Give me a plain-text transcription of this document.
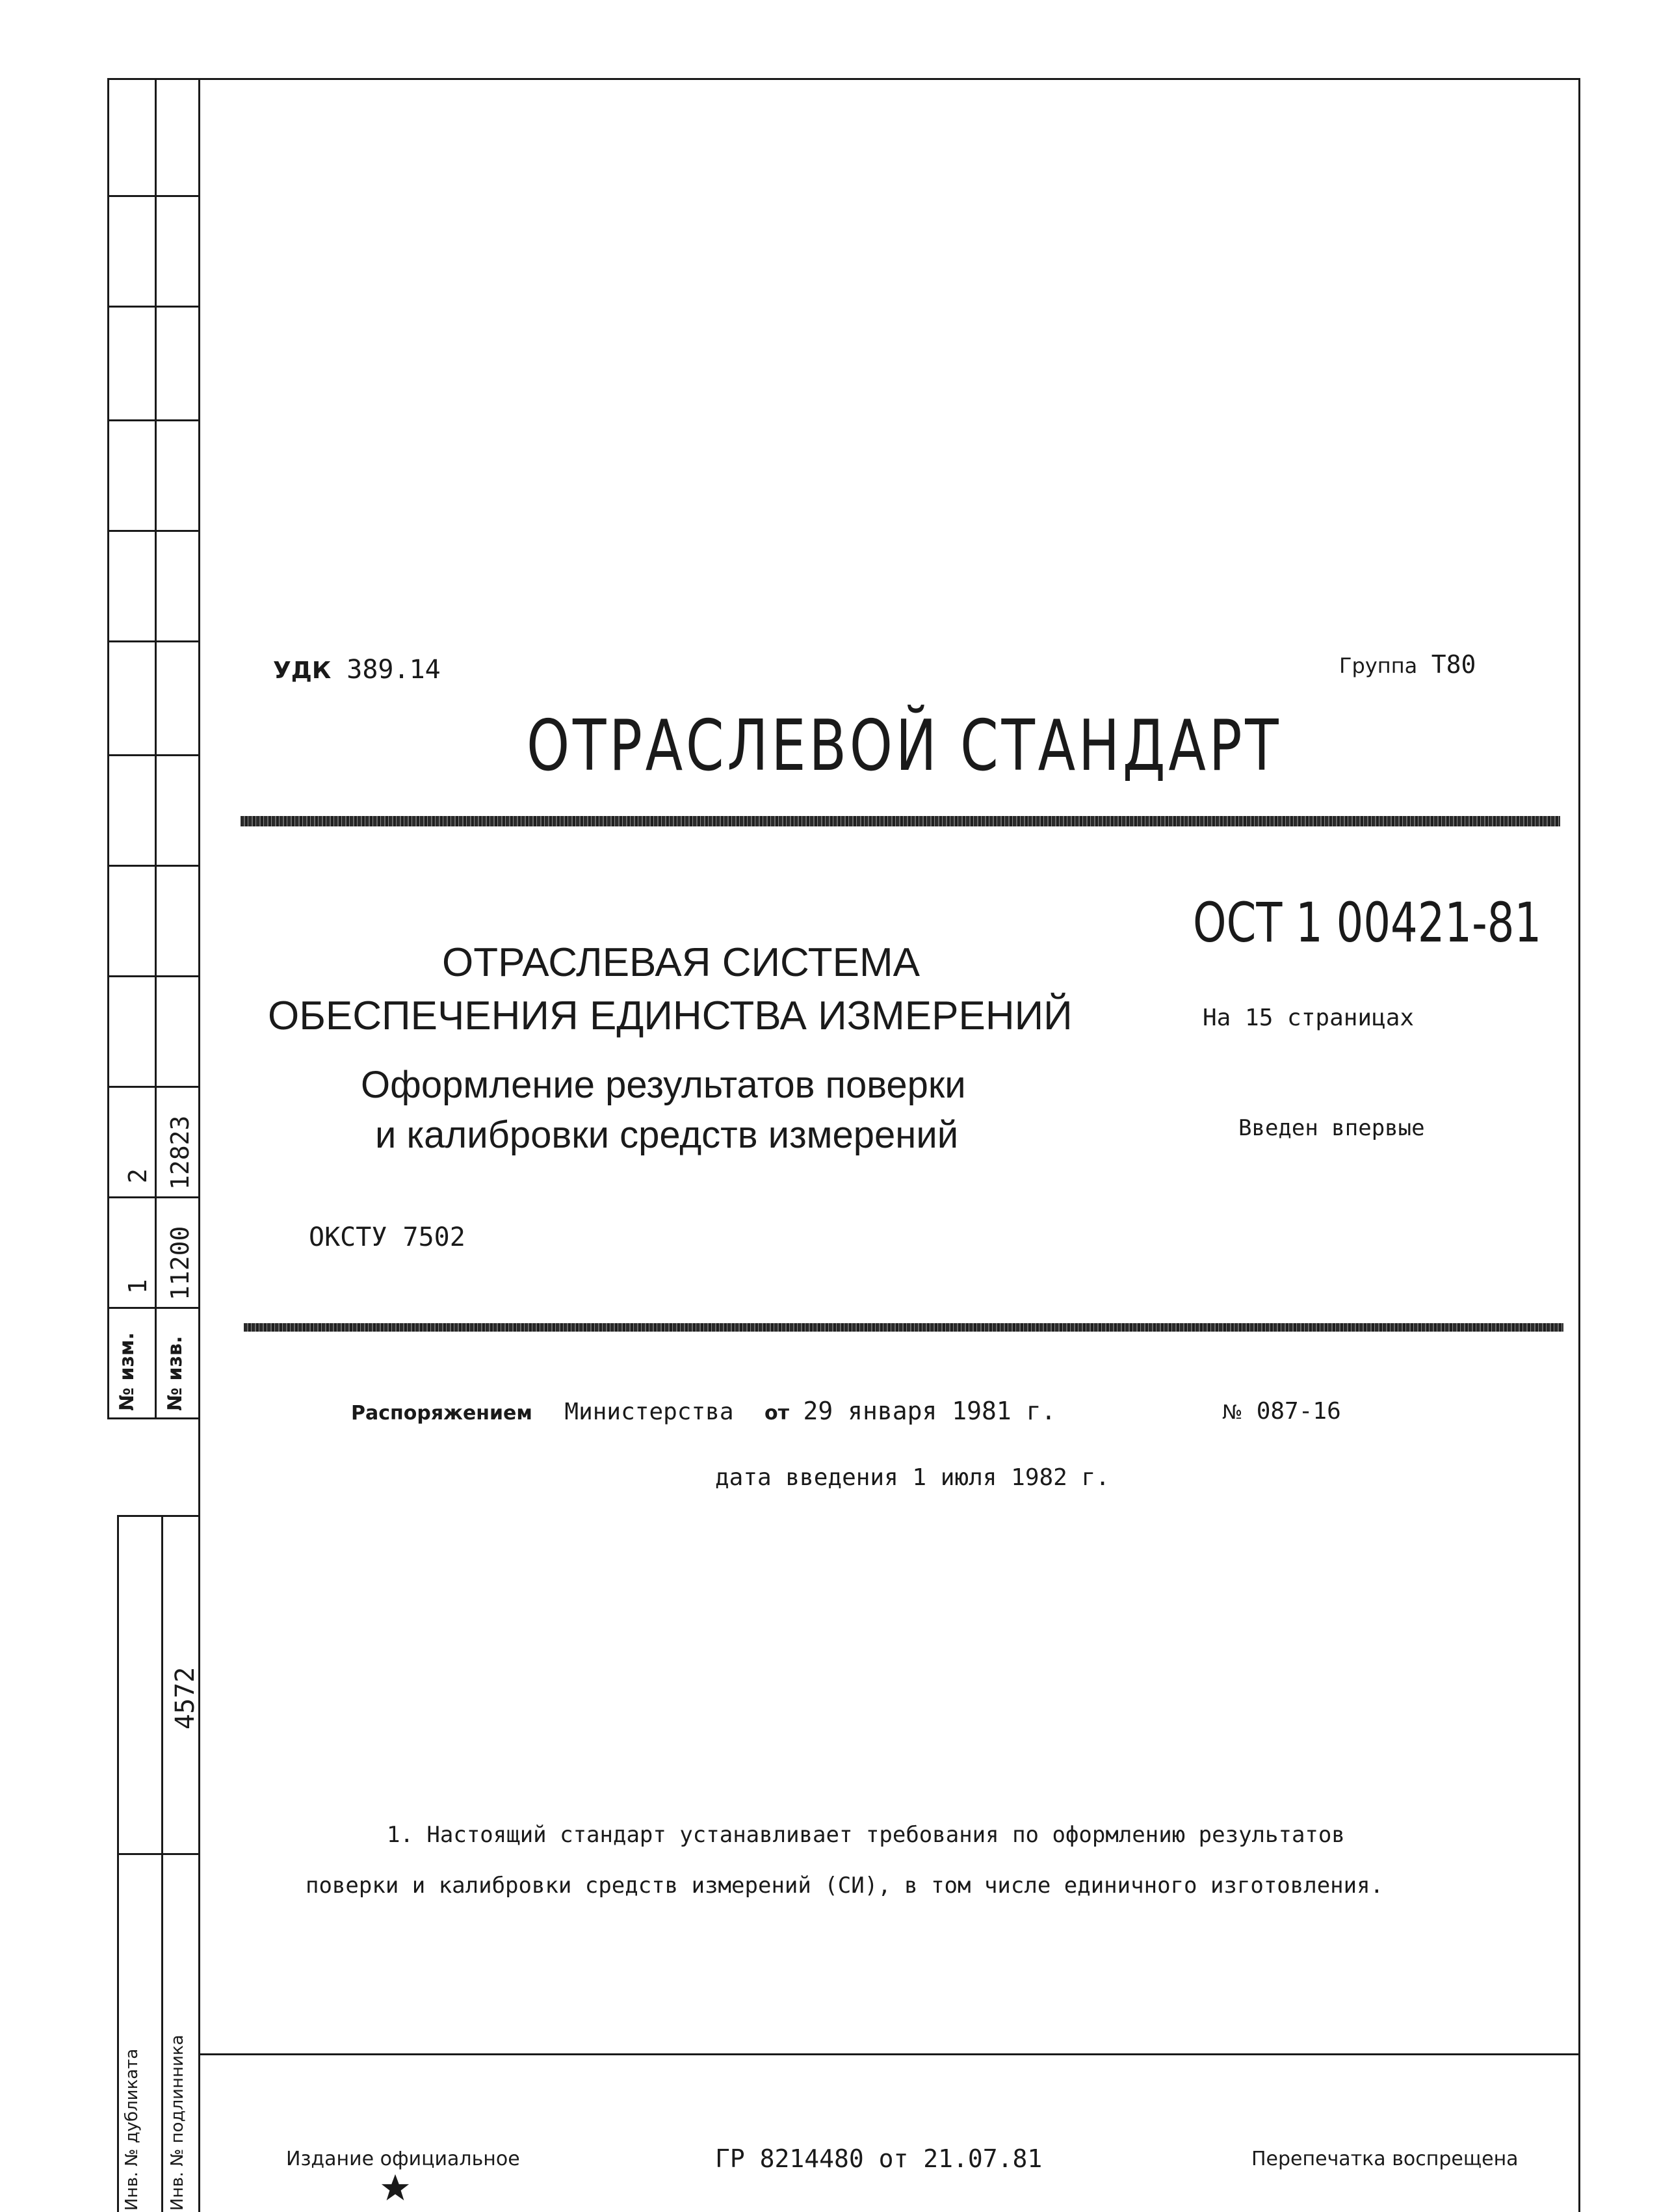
2 12823
1 11200
№ изм. № изв.
4572
Инв. № дубликата Инв. № подлинника
УДК 389.14	Группа Т80
ОТРАСЛЕВОЙ СТАНДАРТ
ОСТ 1 00421-81
ОТРАСЛЕВАЯ СИСТЕМА
ОБЕСПЕЧЕНИЯ ЕДИНСТВА ИЗМЕРЕНИЙ	На 15 страницах
Оформление результатов поверки
и калибровки средств измерений	Введен впервые
ОКСТУ 7502
Распоряжением Министерства от 29 января 1981 г.	№ 087-16
дата введения 1 июля 1982 г.
1. Настоящий стандарт устанавливает требования по оформлению результатов
поверки и калибровки средств измерений (СИ), в том числе единичного изготовления.
Издание официальное	ГР 8214480 от 21.07.81	Перепечатка воспрещена
